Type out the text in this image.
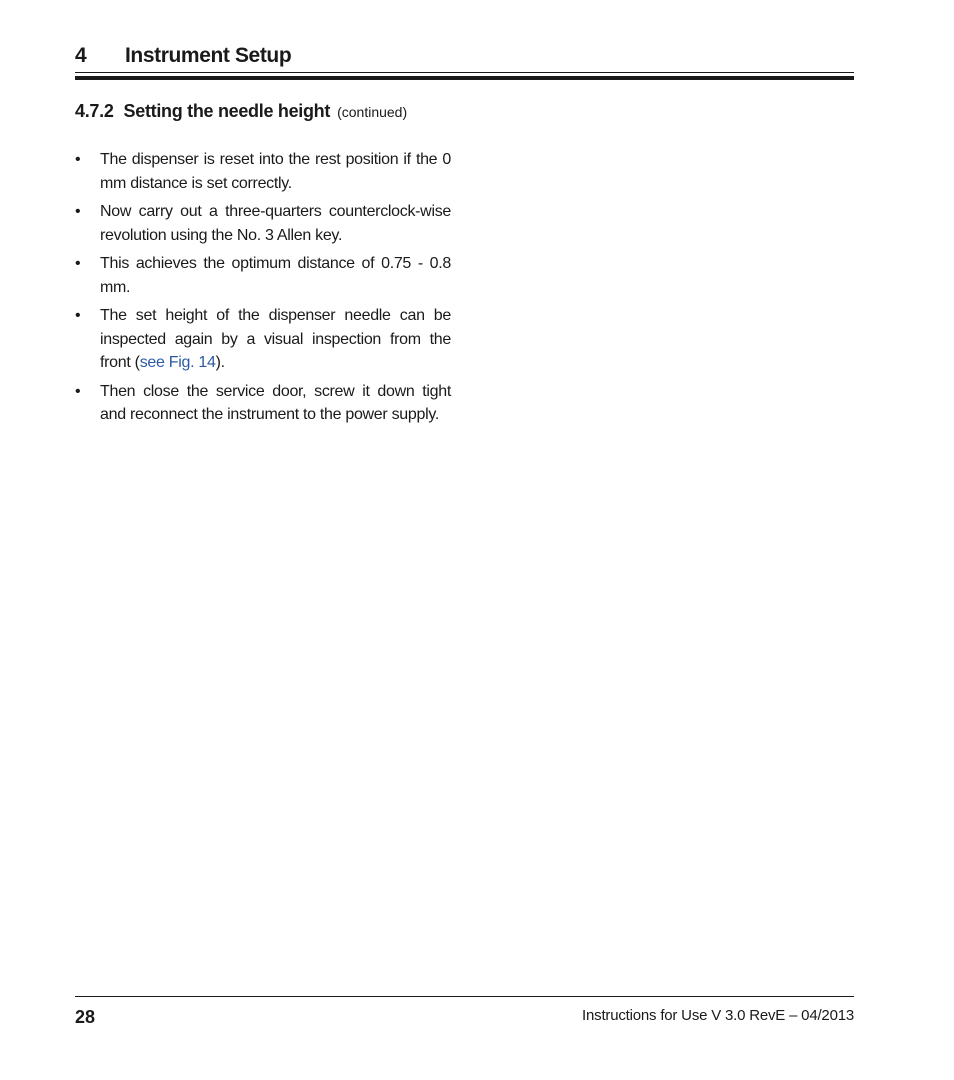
4 Instrument Setup
4.7.2 Setting the needle height (continued)
• The dispenser is reset into the rest position if the 0 mm distance is set correctly.
• Now carry out a three-quarters counterclock-wise revolution using the No. 3 Allen key.
• This achieves the optimum distance of 0.75 - 0.8 mm.
• The set height of the dispenser needle can be inspected again by a visual inspection from the front (see Fig. 14).
• Then close the service door, screw it down tight and reconnect the instrument to the power supply.
28	Instructions for Use V 3.0 RevE – 04/2013
